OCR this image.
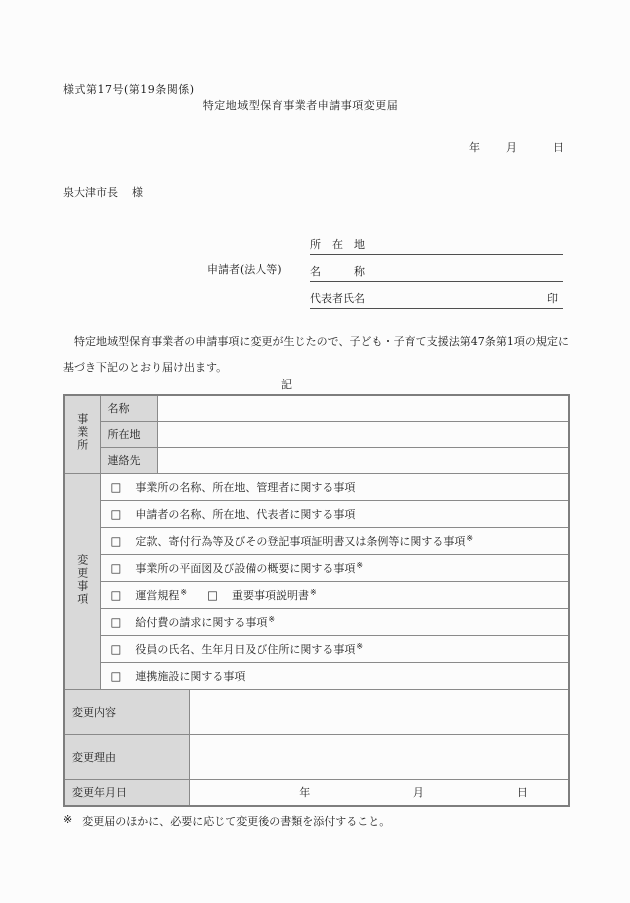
様式第17号(第19条関係)
特定地域型保育事業者申請事項変更届
年 月	日
泉大津市長 様
申請者(法人等)
所　在　地
名　　　称
代表者氏名	印
特定地域型保育事業者の申請事項に変更が生じたので、子ども・子育て支援法第47条第1項の規定に基づき下記のとおり届け出ます。
記
事業所	名称		
	所在地		
	連絡先		
変更事項	□ 事業所の名称、所在地、管理者に関する事項		

	□ 申請者の名称、所在地、代表者に関する事項		

	□ 定款、寄付行為等及びその登記事項証明書又は条例等に関する事項※

	□ 事業所の平面図及び設備の概要に関する事項※

	□ 運営規程※ □ 重要事項説明書※

	□ 給付費の請求に関する事項※

	□ 役員の氏名、生年月日及び住所に関する事項※

	□ 連携施設に関する事項		

変更内容			
変更理由			
変更年月日			年 月 日
※ 変更届のほかに、必要に応じて変更後の書類を添付すること。
